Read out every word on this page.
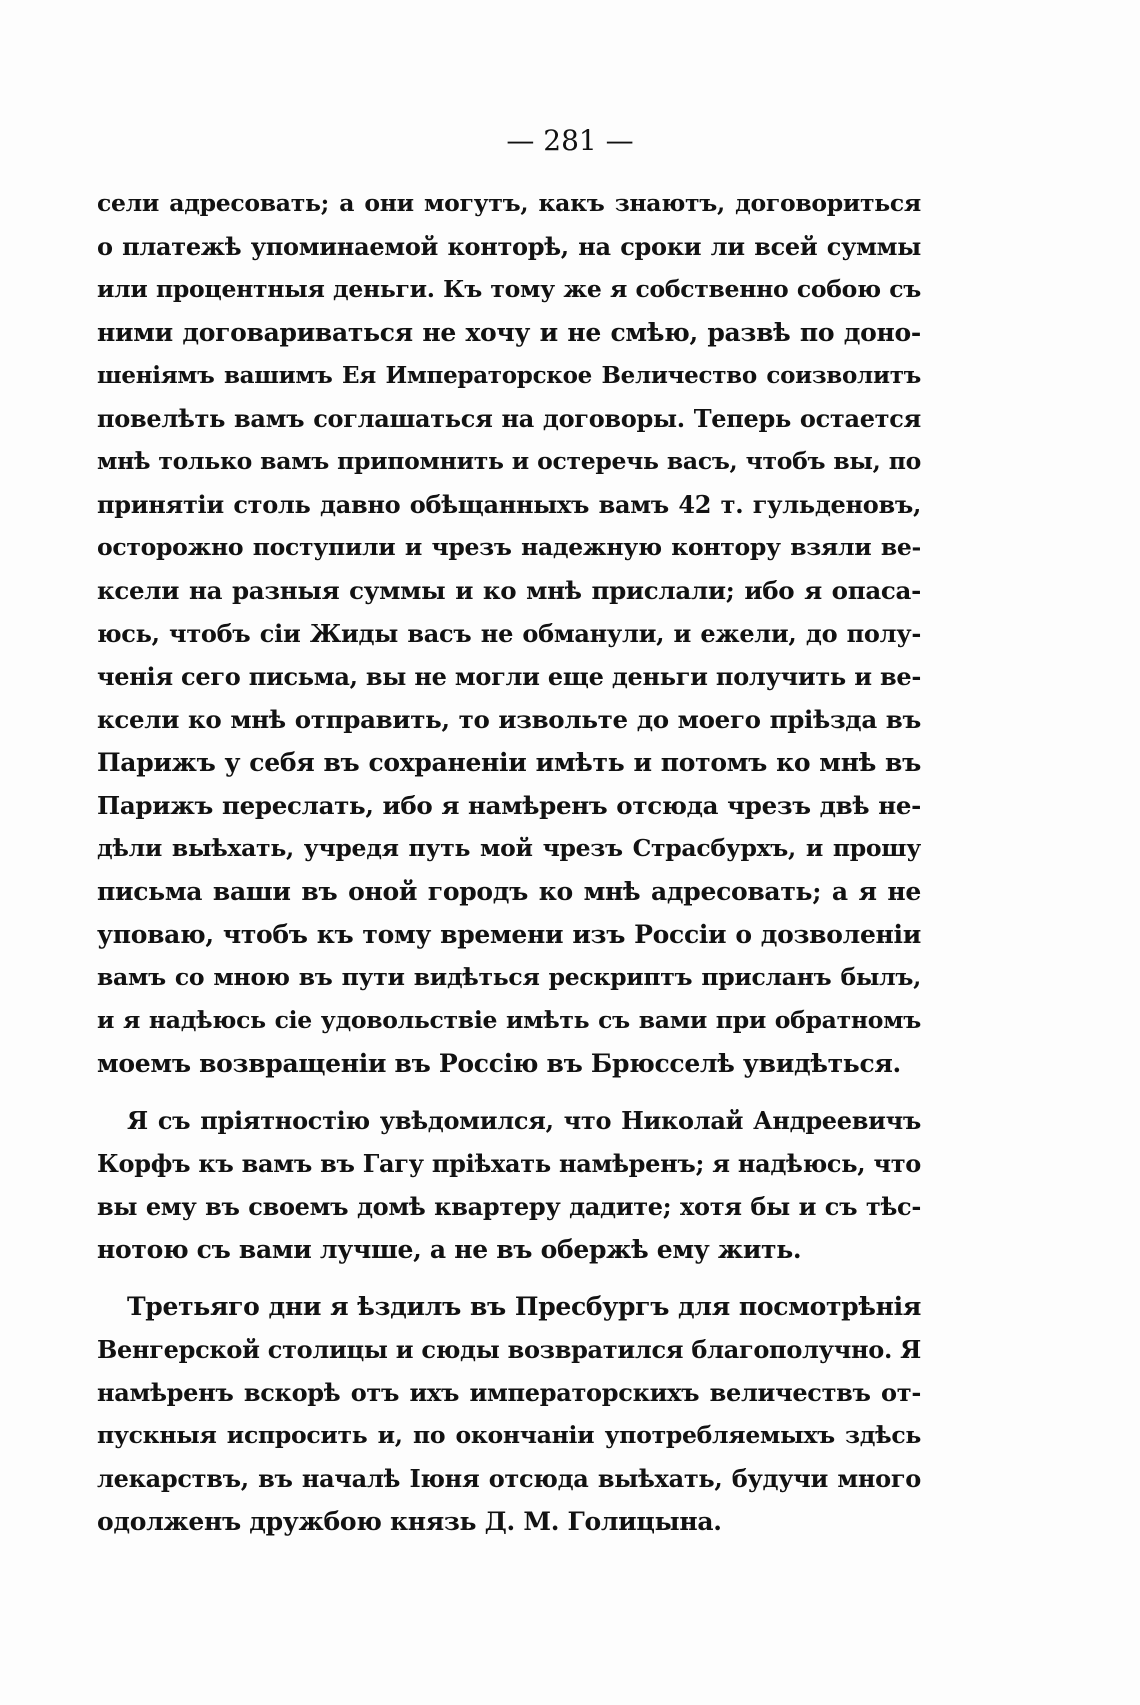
— 281 —
сели адресовать; а они могутъ, какъ знаютъ, договориться
о платежѣ упоминаемой конторѣ, на сроки ли всей суммы
или процентныя деньги. Къ тому же я собственно собою съ
ними договариваться не хочу и не смѣю, развѣ по доно-
шеніямъ вашимъ Ея Императорское Величество соизволитъ
повелѣть вамъ соглашаться на договоры. Теперь остается
мнѣ только вамъ припомнить и остеречь васъ, чтобъ вы, по
принятіи столь давно обѣщанныхъ вамъ 42 т. гульденовъ,
осторожно поступили и чрезъ надежную контору взяли ве-
ксели на разныя суммы и ко мнѣ прислали; ибо я опаса-
юсь, чтобъ сіи Жиды васъ не обманули, и ежели, до полу-
ченія сего письма, вы не могли еще деньги получить и ве-
ксели ко мнѣ отправить, то извольте до моего пріѣзда въ
Парижъ у себя въ сохраненіи имѣть и потомъ ко мнѣ въ
Парижъ переслать, ибо я намѣренъ отсюда чрезъ двѣ не-
дѣли выѣхать, учредя путь мой чрезъ Страсбурхъ, и прошу
письма ваши въ оной городъ ко мнѣ адресовать; а я не
уповаю, чтобъ къ тому времени изъ Россіи о дозволеніи
вамъ со мною въ пути видѣться рескриптъ присланъ былъ,
и я надѣюсь сіе удовольствіе имѣть съ вами при обратномъ
моемъ возвращеніи въ Россію въ Брюсселѣ увидѣться.
Я съ пріятностію увѣдомился, что Николай Андреевичъ
Корфъ къ вамъ въ Гагу пріѣхать намѣренъ; я надѣюсь, что
вы ему въ своемъ домѣ квартеру дадите; хотя бы и съ тѣс-
нотою съ вами лучше, а не въ обержѣ ему жить.
Третьяго дни я ѣздилъ въ Пресбургъ для посмотрѣнія
Венгерской столицы и сюды возвратился благополучно. Я
намѣренъ вскорѣ отъ ихъ императорскихъ величествъ от-
пускныя испросить и, по окончаніи употребляемыхъ здѣсь
лекарствъ, въ началѣ Іюня отсюда выѣхать, будучи много
одолженъ дружбою князь Д. М. Голицына.
